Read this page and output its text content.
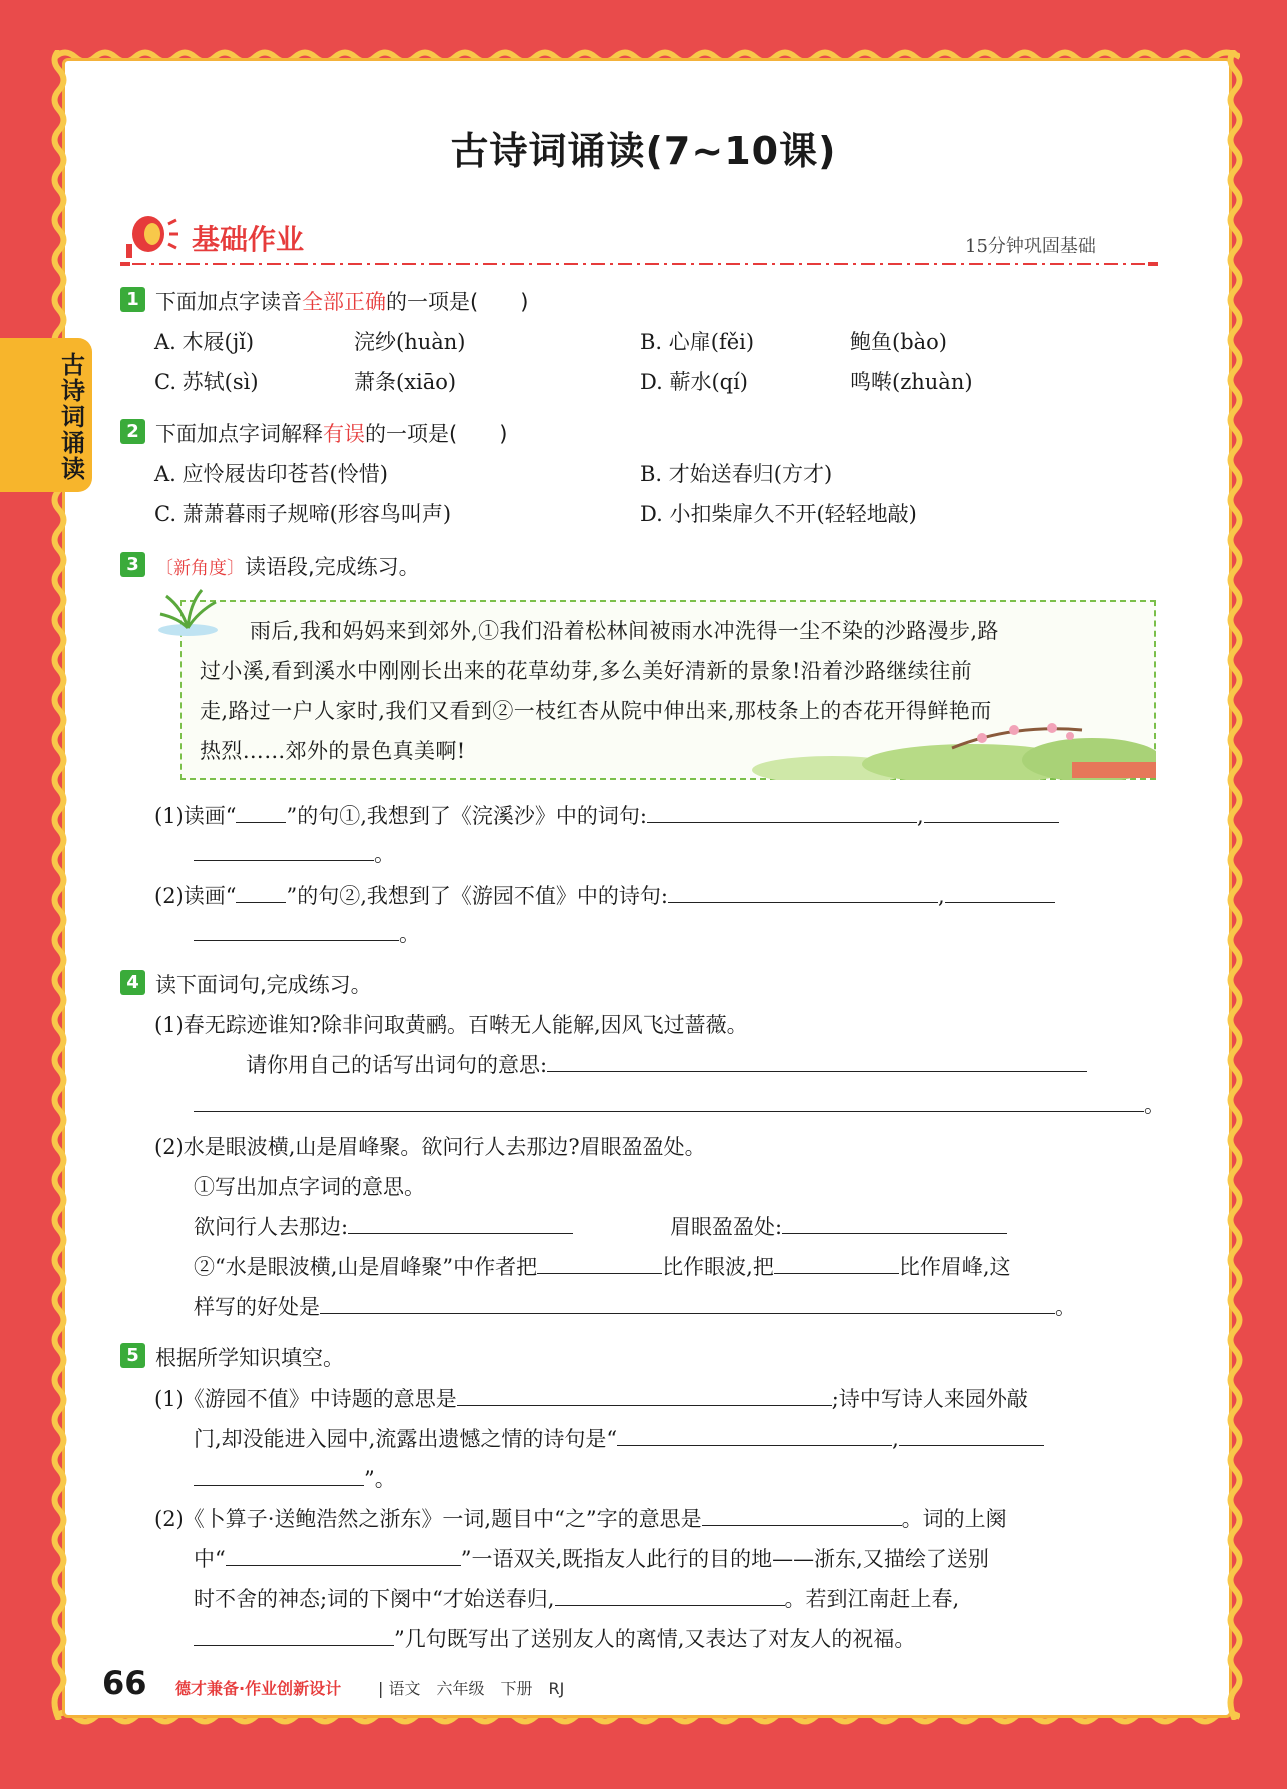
古诗词诵读
古诗词诵读(7~10课)
基础作业	15分钟巩固基础
1 下面加点字读音全部正确的一项是(　　)
A. 木屐(jǐ)	浣纱(huàn)	B. 心扉(fěi)	鲍鱼(bào)
C. 苏轼(sì)	萧条(xiāo)	D. 蕲水(qí)	鸣啭(zhuàn)
2 下面加点字词解释有误的一项是(　　)
A. 应怜屐齿印苍苔(怜惜)	B. 才始送春归(方才)
C. 萧萧暮雨子规啼(形容鸟叫声)	D. 小扣柴扉久不开(轻轻地敲)
3 〔新角度〕读语段,完成练习。
雨后,我和妈妈来到郊外,①我们沿着松林间被雨水冲洗得一尘不染的沙路漫步,路
过小溪,看到溪水中刚刚长出来的花草幼芽,多么美好清新的景象!沿着沙路继续往前
走,路过一户人家时,我们又看到②一枝红杏从院中伸出来,那枝条上的杏花开得鲜艳而
热烈……郊外的景色真美啊!
(1)读画“ ”的句①,我想到了《浣溪沙》中的词句:	,
。
(2)读画“ ”的句②,我想到了《游园不值》中的诗句:	,
。
4 读下面词句,完成练习。
(1)春无踪迹谁知?除非问取黄鹂。百啭无人能解,因风飞过蔷薇。
请你用自己的话写出词句的意思:
。
(2)水是眼波横,山是眉峰聚。欲问行人去那边?眉眼盈盈处。
①写出加点字词的意思。
欲问行人去那边:	眉眼盈盈处:
②“水是眼波横,山是眉峰聚”中作者把	比作眼波,把	比作眉峰,这
样写的好处是	。
5 根据所学知识填空。
(1)《游园不值》中诗题的意思是	;诗中写诗人来园外敲
门,却没能进入园中,流露出遗憾之情的诗句是“	,
”。
(2)《卜算子·送鲍浩然之浙东》一词,题目中“之”字的意思是	。词的上阕
中“	”一语双关,既指友人此行的目的地——浙东,又描绘了送别
时不舍的神态;词的下阕中“才始送春归,	。若到江南赶上春,
”几句既写出了送别友人的离情,又表达了对友人的祝福。
66 德才兼备·作业创新设计 | 语文　六年级　下册　RJ
